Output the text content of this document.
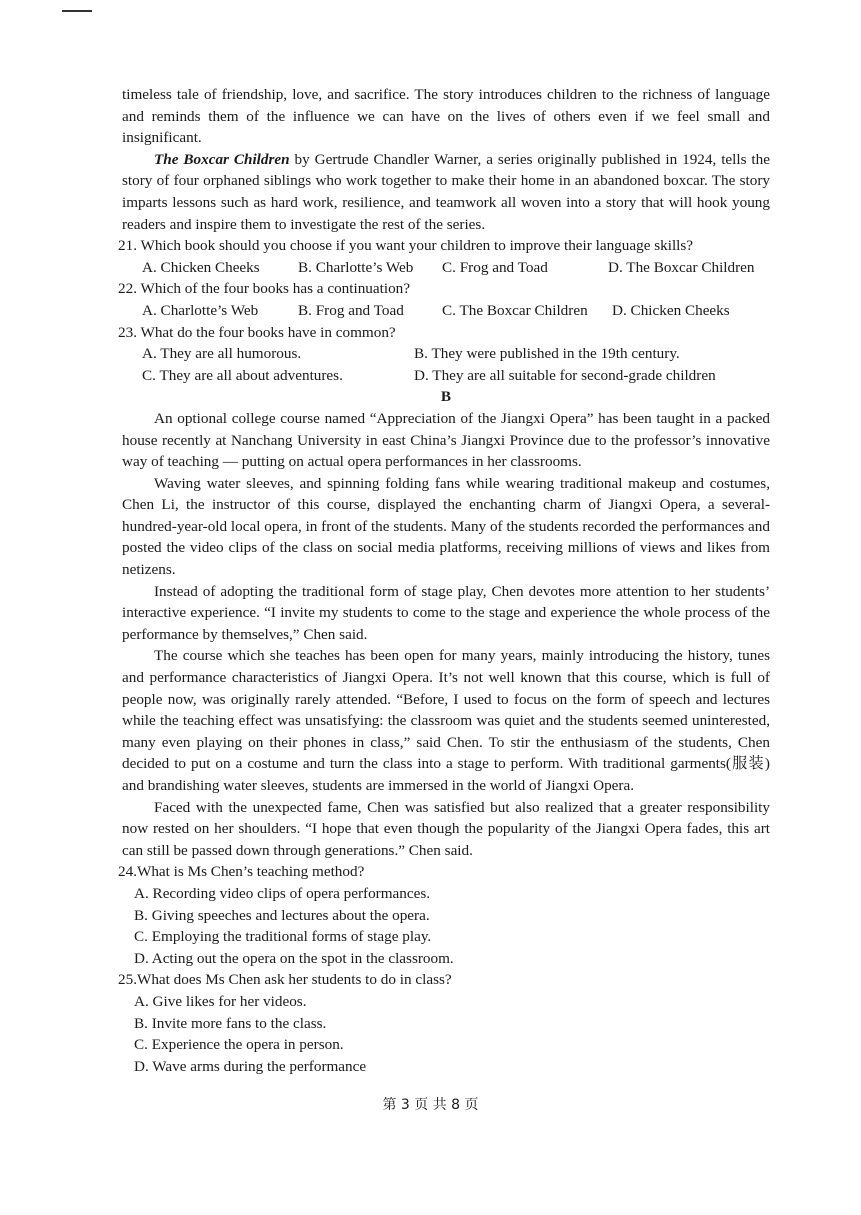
timeless tale of friendship, love, and sacrifice. The story introduces children to the richness of language and reminds them of the influence we can have on the lives of others even if we feel small and insignificant.

The Boxcar Children by Gertrude Chandler Warner, a series originally published in 1924, tells the story of four orphaned siblings who work together to make their home in an abandoned boxcar. The story imparts lessons such as hard work, resilience, and teamwork all woven into a story that will hook young readers and inspire them to investigate the rest of the series.

21. Which book should you choose if you want your children to improve their language skills?

A. Chicken Cheeks	B. Charlotte’s Web	C. Frog and Toad	D. The Boxcar Children

22. Which of the four books has a continuation?

A. Charlotte’s Web	B. Frog and Toad	C. The Boxcar Children	D. Chicken Cheeks

23. What do the four books have in common?

A. They are all humorous.	B. They were published in the 19th century.
C. They are all about adventures.	D. They are all suitable for second-grade children

B

An optional college course named “Appreciation of the Jiangxi Opera” has been taught in a packed house recently at Nanchang University in east China’s Jiangxi Province due to the professor’s innovative way of teaching — putting on actual opera performances in her classrooms.

Waving water sleeves, and spinning folding fans while wearing traditional makeup and costumes, Chen Li, the instructor of this course, displayed the enchanting charm of Jiangxi Opera, a several-hundred-year-old local opera, in front of the students. Many of the students recorded the performances and posted the video clips of the class on social media platforms, receiving millions of views and likes from netizens.

Instead of adopting the traditional form of stage play, Chen devotes more attention to her students’ interactive experience. “I invite my students to come to the stage and experience the whole process of the performance by themselves,” Chen said.

The course which she teaches has been open for many years, mainly introducing the history, tunes and performance characteristics of Jiangxi Opera. It’s not well known that this course, which is full of people now, was originally rarely attended. “Before, I used to focus on the form of speech and lectures while the teaching effect was unsatisfying: the classroom was quiet and the students seemed uninterested, many even playing on their phones in class,” said Chen. To stir the enthusiasm of the students, Chen decided to put on a costume and turn the class into a stage to perform. With traditional garments(服装) and brandishing water sleeves, students are immersed in the world of Jiangxi Opera.

Faced with the unexpected fame, Chen was satisfied but also realized that a greater responsibility now rested on her shoulders. “I hope that even though the popularity of the Jiangxi Opera fades, this art can still be passed down through generations.” Chen said.

24.What is Ms Chen’s teaching method?

A. Recording video clips of opera performances.

B. Giving speeches and lectures about the opera.

C. Employing the traditional forms of stage play.

D. Acting out the opera on the spot in the classroom.

25.What does Ms Chen ask her students to do in class?

A. Give likes for her videos.

B. Invite more fans to the class.

C. Experience the opera in person.

D. Wave arms during the performance

第 3 页 共 8 页
